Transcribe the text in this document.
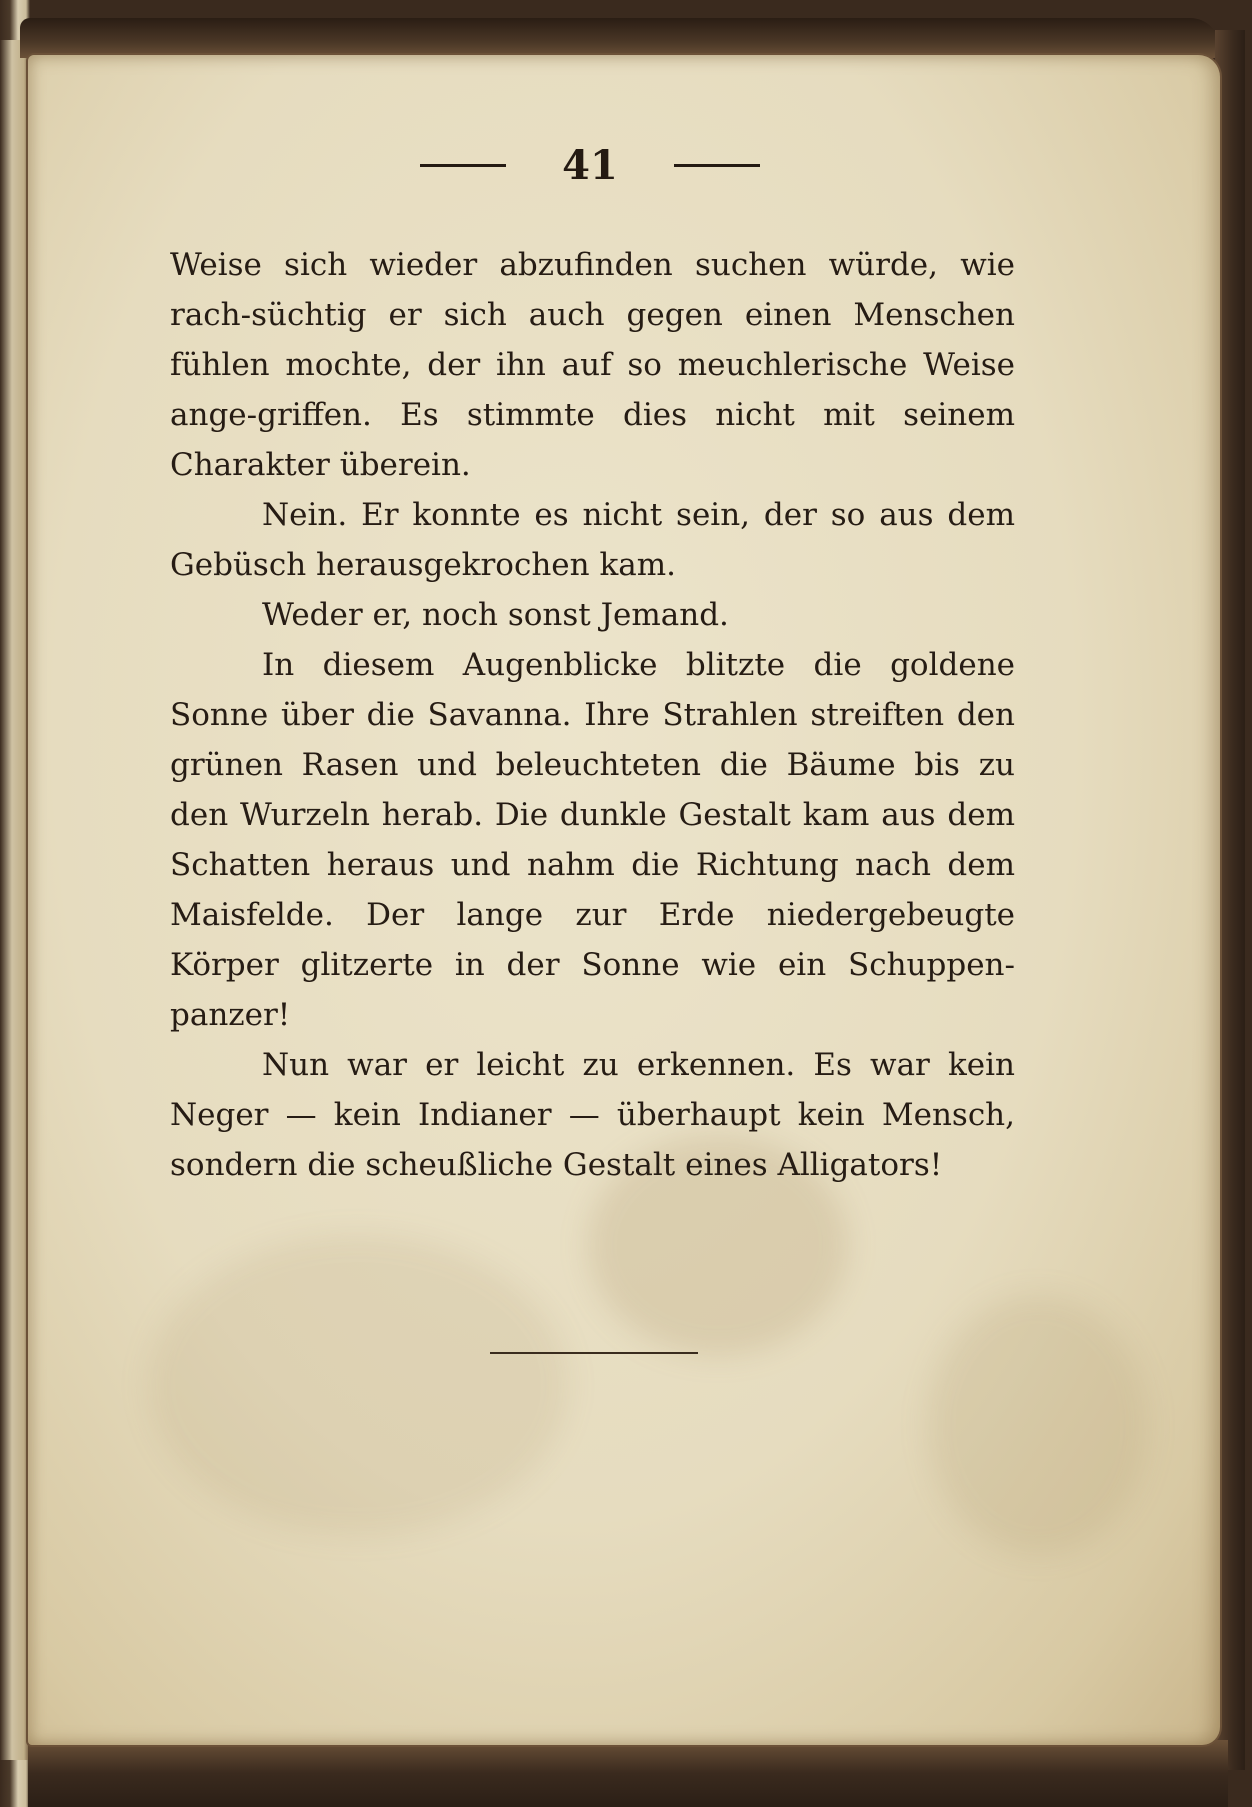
41

Weise sich wieder abzufinden suchen würde, wie rach-süchtig er sich auch gegen einen Menschen fühlen mochte, der ihn auf so meuchlerische Weise ange-griffen. Es stimmte dies nicht mit seinem Charakter überein.

Nein. Er konnte es nicht sein, der so aus dem Gebüsch herausgekrochen kam.

Weder er, noch sonst Jemand.

In diesem Augenblicke blitzte die goldene Sonne über die Savanna. Ihre Strahlen streiften den grünen Rasen und beleuchteten die Bäume bis zu den Wurzeln herab. Die dunkle Gestalt kam aus dem Schatten heraus und nahm die Richtung nach dem Maisfelde. Der lange zur Erde niedergebeugte Körper glitzerte in der Sonne wie ein Schuppen-panzer!

Nun war er leicht zu erkennen. Es war kein Neger — kein Indianer — überhaupt kein Mensch, sondern die scheußliche Gestalt eines Alligators!
